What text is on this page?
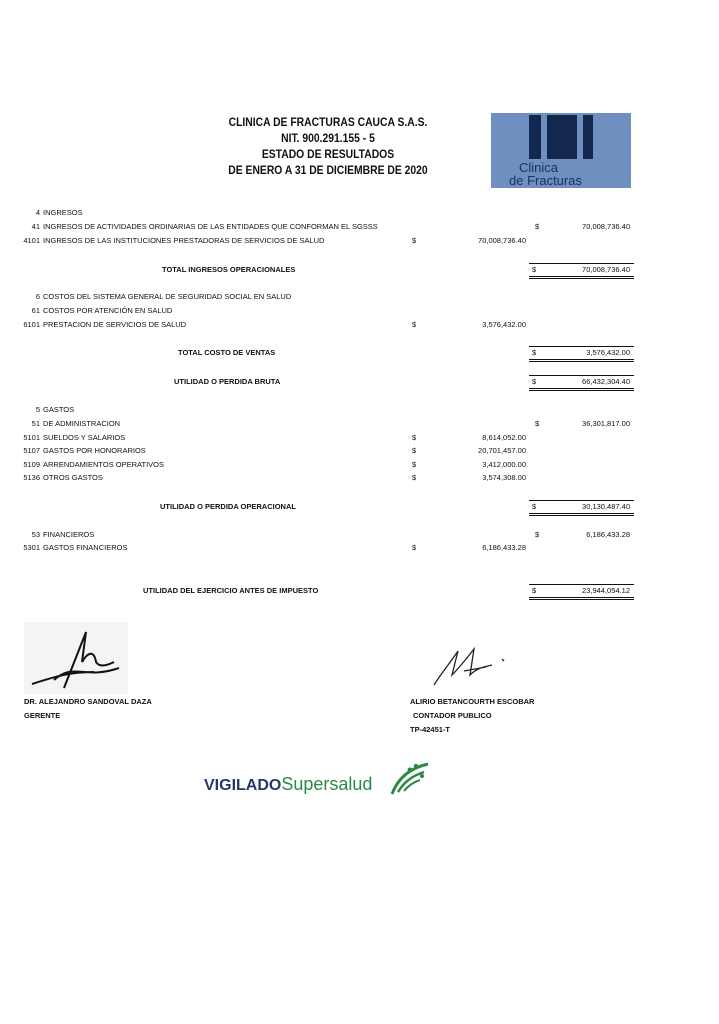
CLINICA DE FRACTURAS CAUCA S.A.S.
NIT. 900.291.155 - 5
ESTADO DE RESULTADOS
DE ENERO A 31 DE DICIEMBRE DE 2020	Clinica
de Fracturas
4 INGRESOS
41 INGRESOS DE ACTIVIDADES ORDINARIAS DE LAS ENTIDADES QUE CONFORMAN EL SGSSS	$	70,008,736.40
4101 INGRESOS DE LAS INSTITUCIONES PRESTADORAS DE SERVICIOS DE SALUD	$	70,008,736.40
TOTAL INGRESOS OPERACIONALES	$	70,008,736.40
6 COSTOS DEL SISTEMA GENERAL DE SEGURIDAD SOCIAL EN SALUD
61 COSTOS POR ATENCIÓN EN SALUD
6101 PRESTACION DE SERVICIOS DE SALUD	$	3,576,432.00
TOTAL COSTO DE VENTAS	$	3,576,432.00
UTILIDAD O PERDIDA BRUTA	$	66,432,304.40
5 GASTOS
51 DE ADMINISTRACION	$	36,301,817.00
5101 SUELDOS Y SALARIOS	$	8,614,052.00
5107 GASTOS POR HONORARIOS	$	20,701,457.00
5109 ARRENDAMIENTOS OPERATIVOS	$	3,412,000.00
5136 OTROS GASTOS	$	3,574,308.00
UTILIDAD O PERDIDA OPERACIONAL	$	30,130,487.40
53 FINANCIEROS	$	6,186,433.28
5301 GASTOS FINANCIEROS	$	6,186,433.28
UTILIDAD DEL EJERCICIO ANTES DE IMPUESTO	$	23,944,054.12
DR. ALEJANDRO SANDOVAL DAZA
GERENTE
ALIRIO BETANCOURTH ESCOBAR
CONTADOR PUBLICO
TP-42451-T
VIGILADOSupersalud
